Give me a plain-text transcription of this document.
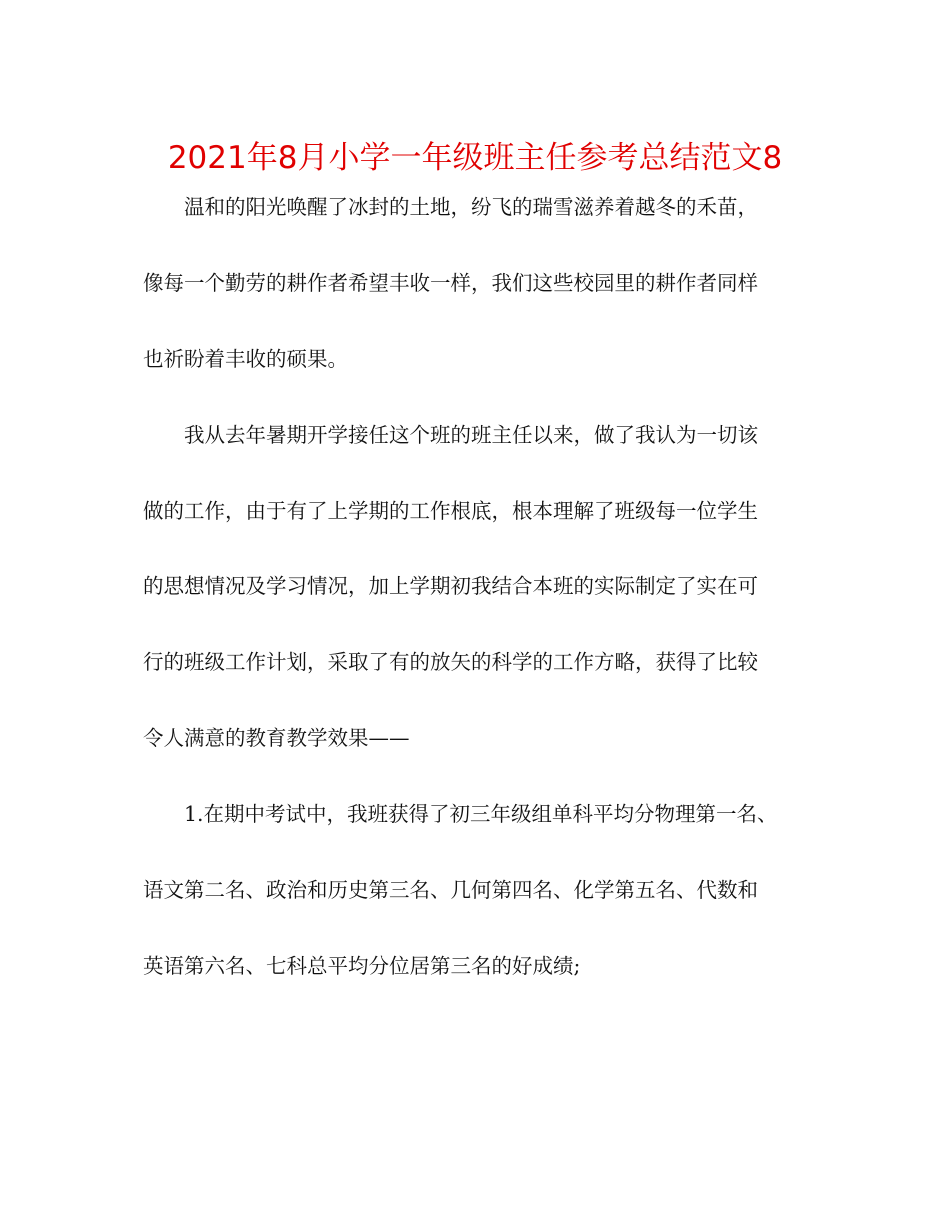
2021年8月小学一年级班主任参考总结范文8
温和的阳光唤醒了冰封的土地，纷飞的瑞雪滋养着越冬的禾苗，
像每一个勤劳的耕作者希望丰收一样，我们这些校园里的耕作者同样
也祈盼着丰收的硕果。
我从去年暑期开学接任这个班的班主任以来，做了我认为一切该
做的工作，由于有了上学期的工作根底，根本理解了班级每一位学生
的思想情况及学习情况，加上学期初我结合本班的实际制定了实在可
行的班级工作计划，采取了有的放矢的科学的工作方略，获得了比较
令人满意的教育教学效果——
1.在期中考试中，我班获得了初三年级组单科平均分物理第一名、
语文第二名、政治和历史第三名、几何第四名、化学第五名、代数和
英语第六名、七科总平均分位居第三名的好成绩;
